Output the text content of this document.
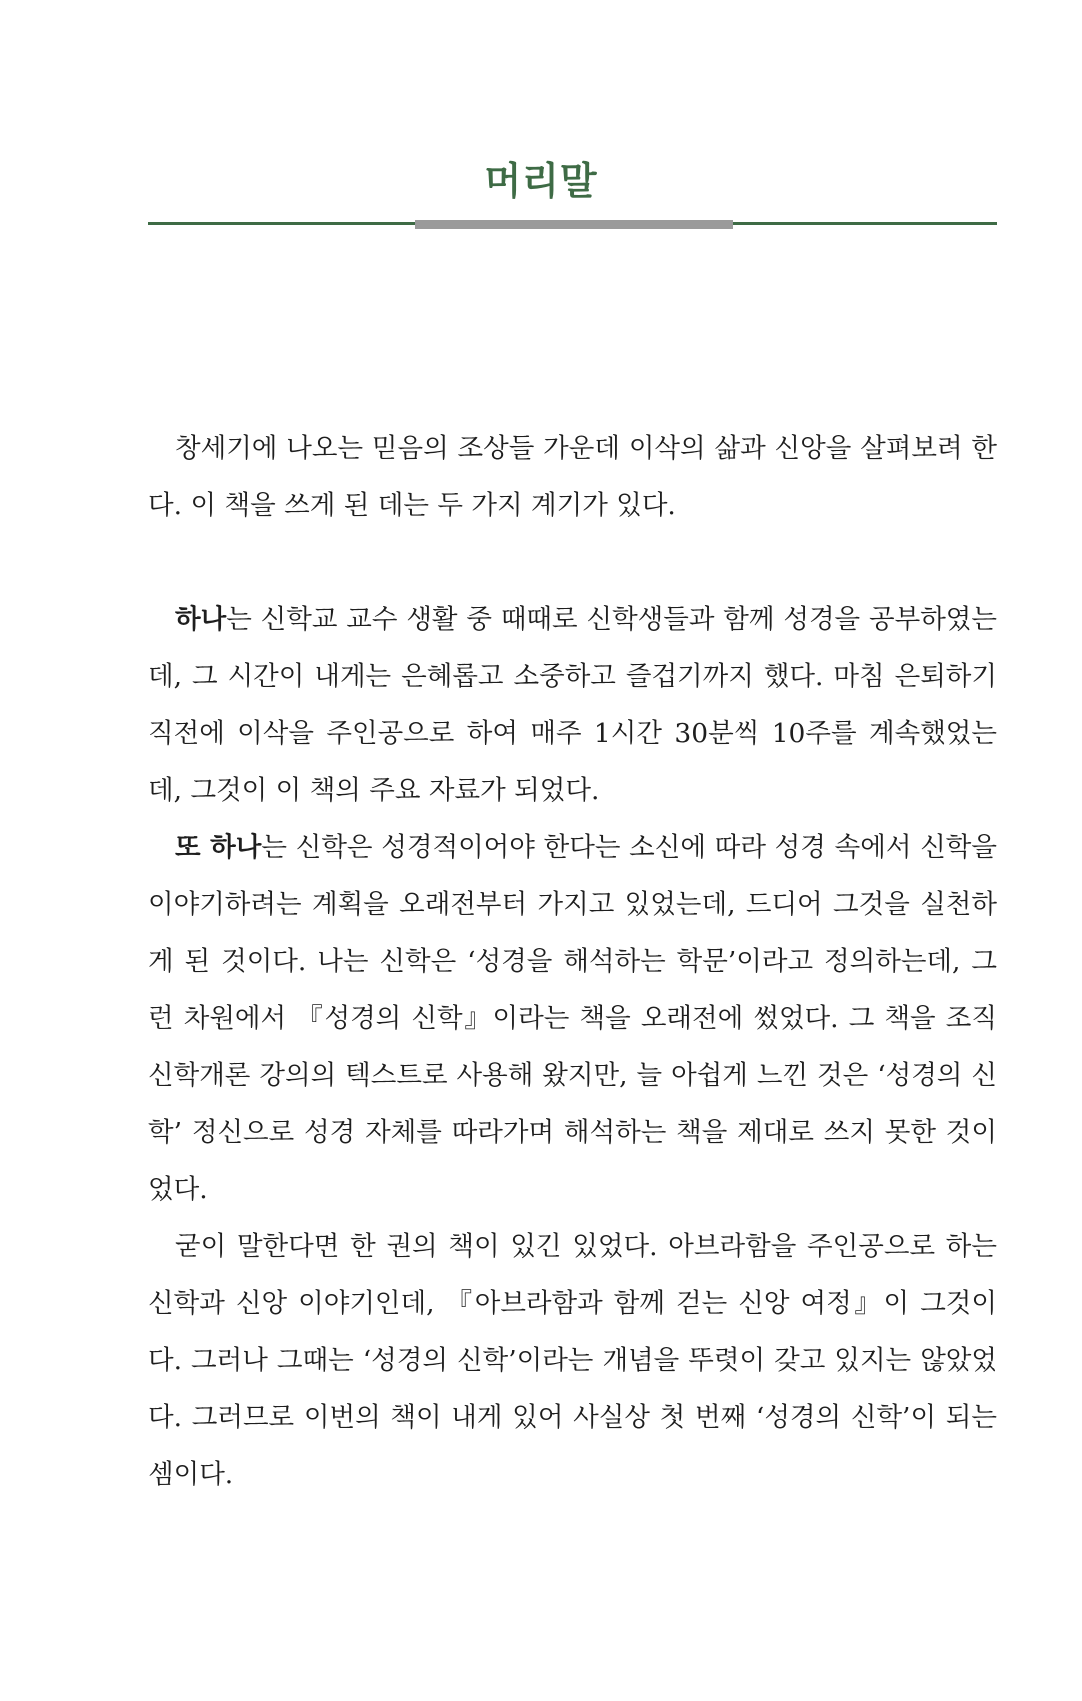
머리말

창세기에 나오는 믿음의 조상들 가운데 이삭의 삶과 신앙을 살펴보려 한다. 이 책을 쓰게 된 데는 두 가지 계기가 있다.

하나는 신학교 교수 생활 중 때때로 신학생들과 함께 성경을 공부하였는데, 그 시간이 내게는 은혜롭고 소중하고 즐겁기까지 했다. 마침 은퇴하기 직전에 이삭을 주인공으로 하여 매주 1시간 30분씩 10주를 계속했었는데, 그것이 이 책의 주요 자료가 되었다.

또 하나는 신학은 성경적이어야 한다는 소신에 따라 성경 속에서 신학을 이야기하려는 계획을 오래전부터 가지고 있었는데, 드디어 그것을 실천하게 된 것이다. 나는 신학은 ‘성경을 해석하는 학문’이라고 정의하는데, 그런 차원에서 『성경의 신학』이라는 책을 오래전에 썼었다. 그 책을 조직신학개론 강의의 텍스트로 사용해 왔지만, 늘 아쉽게 느낀 것은 ‘성경의 신학’ 정신으로 성경 자체를 따라가며 해석하는 책을 제대로 쓰지 못한 것이었다.

굳이 말한다면 한 권의 책이 있긴 있었다. 아브라함을 주인공으로 하는 신학과 신앙 이야기인데, 『아브라함과 함께 걷는 신앙 여정』이 그것이다. 그러나 그때는 ‘성경의 신학’이라는 개념을 뚜렷이 갖고 있지는 않았었다. 그러므로 이번의 책이 내게 있어 사실상 첫 번째 ‘성경의 신학’이 되는 셈이다.
